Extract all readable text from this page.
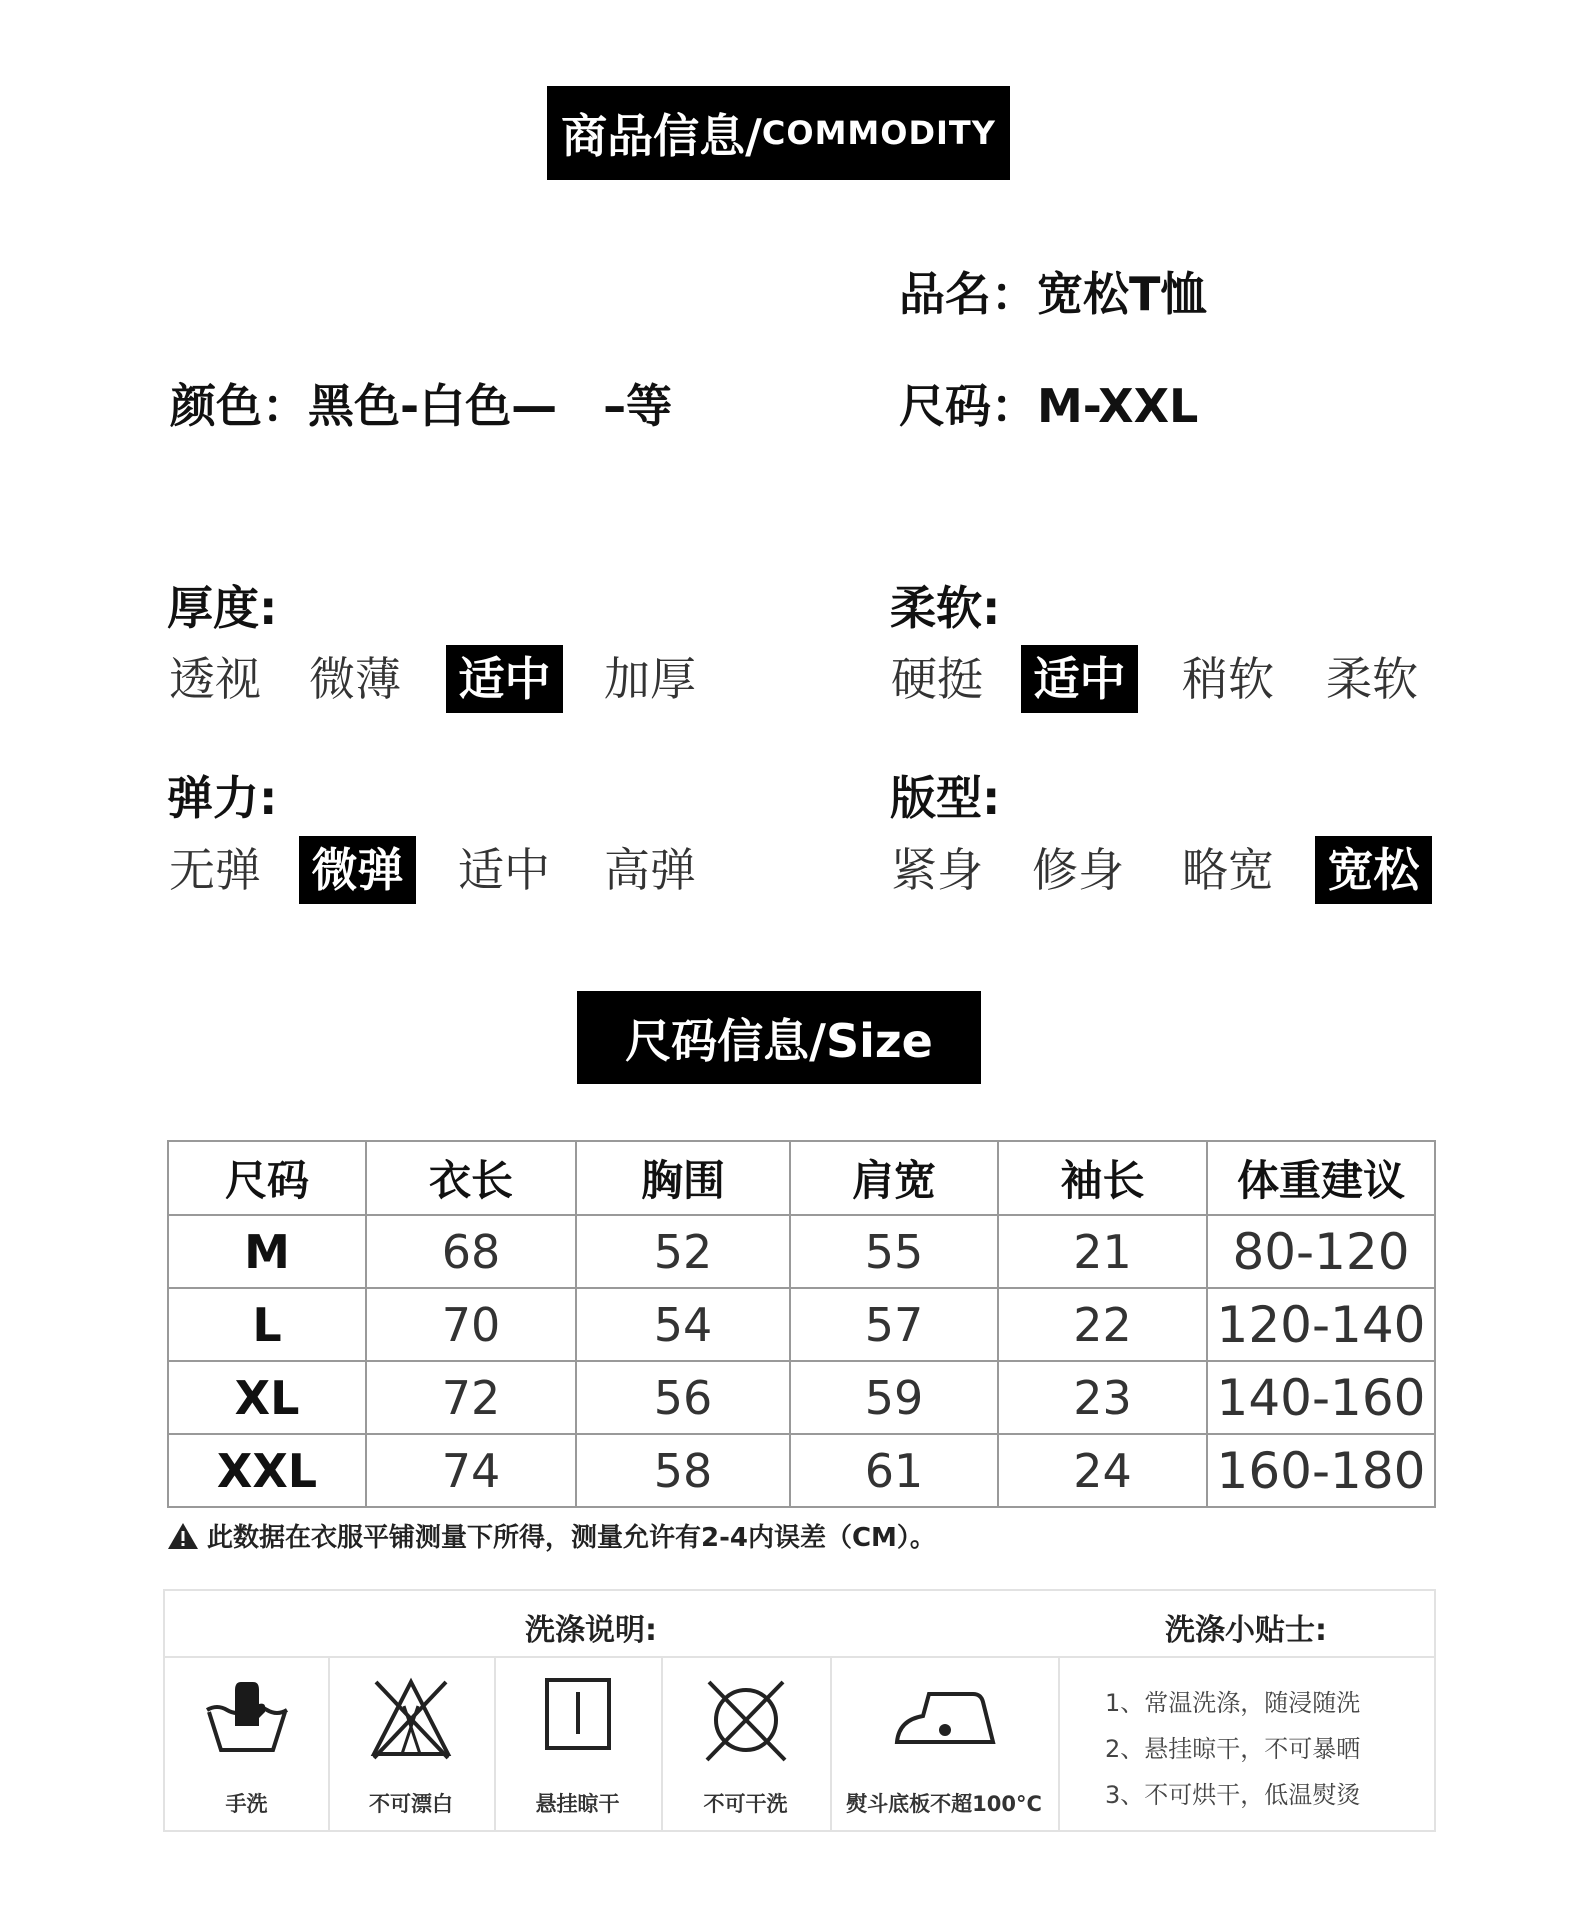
商品信息/ COMMODITY
品名：宽松T恤
颜色：黑色-白色—　–等	尺码：M-XXL
厚度:
透视 微薄 适中 加厚
柔软:
硬挺 适中 稍软 柔软
弹力:
无弹 微弹 适中 高弹
版型:
紧身 修身 略宽 宽松
尺码信息/Size
尺码	衣长	胸围	肩宽	袖长	体重建议
M	68	52	55	21	80-120
L	70	54	57	22	120-140
XL	72	56	59	23	140-160
XXL	74	58	61	24	160-180
此数据在衣服平铺测量下所得，测量允许有2-4内误差（CM）。
洗涤说明:	洗涤小贴士:
手洗	不可漂白	悬挂晾干	不可干洗	熨斗底板不超100°C
1、常温洗涤，随浸随洗
2、悬挂晾干，不可暴晒
3、不可烘干，低温熨烫
